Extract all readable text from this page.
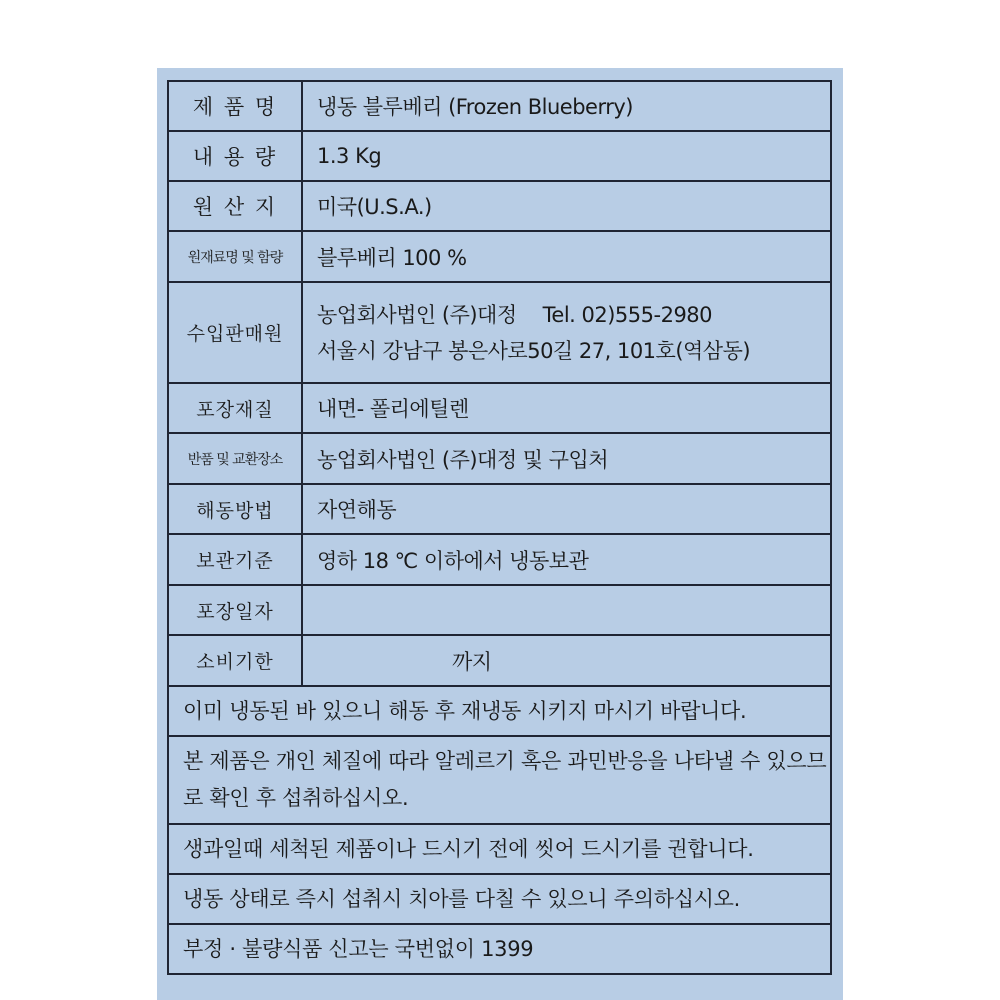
제 품 명	냉동 블루베리 (Frozen Blueberry)
내 용 량	1.3 Kg
원 산 지	미국(U.S.A.)
원재료명 및 함량	블루베리 100 %
수입판매원	농업회사법인 (주)대정 Tel. 02)555-2980
서울시 강남구 봉은사로50길 27, 101호(역삼동)

포장재질	내면- 폴리에틸렌
반품 및 교환장소	농업회사법인 (주)대정 및 구입처
해동방법	자연해동
보관기준	영하 18 ℃ 이하에서 냉동보관
포장일자	
소비기한	까지
이미 냉동된 바 있으니 해동 후 재냉동 시키지 마시기 바랍니다.	
본 제품은 개인 체질에 따라 알레르기 혹은 과민반응을 나타낼 수 있으므로 확인 후 섭취하십시오.	
생과일때 세척된 제품이나 드시기 전에 씻어 드시기를 권합니다.	
냉동 상태로 즉시 섭취시 치아를 다칠 수 있으니 주의하십시오.	
부정 · 불량식품 신고는 국번없이 1399	
